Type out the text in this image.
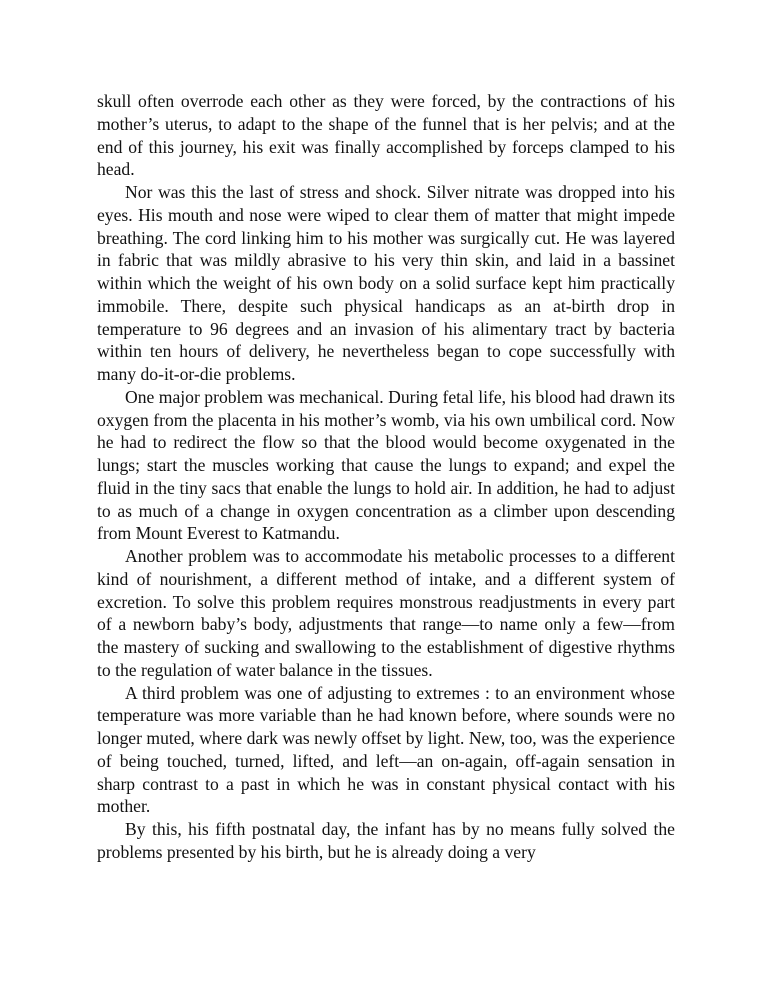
skull often overrode each other as they were forced, by the contractions of his mother’s uterus, to adapt to the shape of the funnel that is her pelvis; and at the end of this journey, his exit was finally accomplished by forceps clamped to his head.

Nor was this the last of stress and shock. Silver nitrate was dropped into his eyes. His mouth and nose were wiped to clear them of matter that might impede breathing. The cord linking him to his mother was surgically cut. He was layered in fabric that was mildly abrasive to his very thin skin, and laid in a bassinet within which the weight of his own body on a solid surface kept him practically immobile. There, despite such physical handicaps as an at-birth drop in temperature to 96 degrees and an invasion of his alimentary tract by bacteria within ten hours of delivery, he nevertheless began to cope successfully with many do-it-or-die problems.

One major problem was mechanical. During fetal life, his blood had drawn its oxygen from the placenta in his mother’s womb, via his own umbilical cord. Now he had to redirect the flow so that the blood would become oxygenated in the lungs; start the muscles working that cause the lungs to expand; and expel the fluid in the tiny sacs that enable the lungs to hold air. In addition, he had to adjust to as much of a change in oxygen concentration as a climber upon descending from Mount Everest to Katmandu.

Another problem was to accommodate his metabolic processes to a different kind of nourishment, a different method of intake, and a different system of excretion. To solve this problem requires monstrous readjustments in every part of a newborn baby’s body, adjustments that range—to name only a few—from the mastery of sucking and swallowing to the establishment of digestive rhythms to the regulation of water balance in the tissues.

A third problem was one of adjusting to extremes : to an environment whose temperature was more variable than he had known before, where sounds were no longer muted, where dark was newly offset by light. New, too, was the experience of being touched, turned, lifted, and left—an on-again, off-again sensation in sharp contrast to a past in which he was in constant physical contact with his mother.

By this, his fifth postnatal day, the infant has by no means fully solved the problems presented by his birth, but he is already doing a very
